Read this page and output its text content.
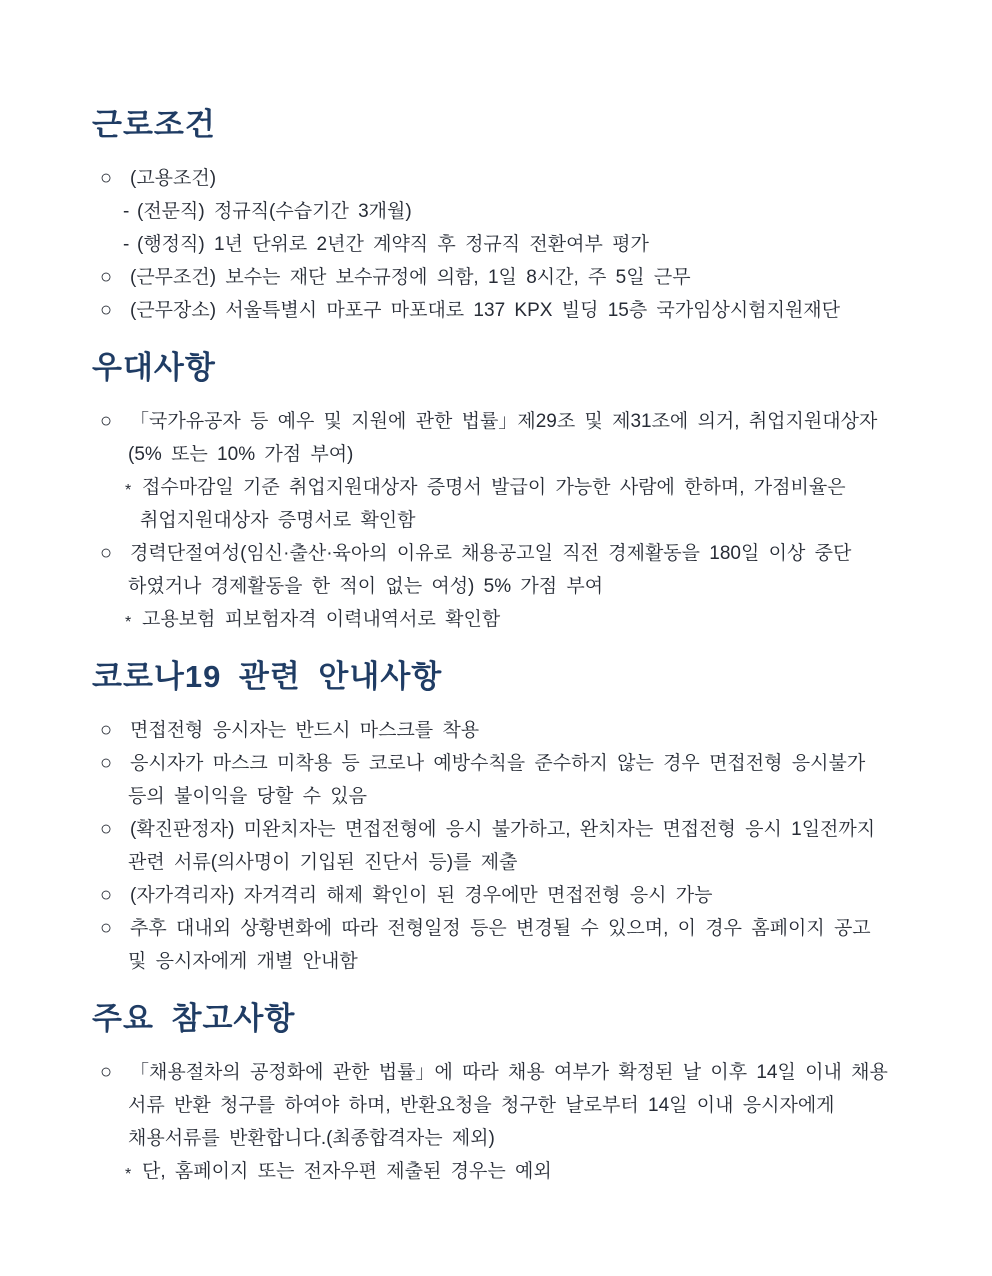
근로조건
○ (고용조건)
- (전문직) 정규직(수습기간 3개월)
- (행정직) 1년 단위로 2년간 계약직 후 정규직 전환여부 평가
○ (근무조건) 보수는 재단 보수규정에 의함, 1일 8시간, 주 5일 근무
○ (근무장소) 서울특별시 마포구 마포대로 137 KPX 빌딩 15층 국가임상시험지원재단
우대사항
○ 「국가유공자 등 예우 및 지원에 관한 법률」제29조 및 제31조에 의거, 취업지원대상자
(5% 또는 10% 가점 부여)
* 접수마감일 기준 취업지원대상자 증명서 발급이 가능한 사람에 한하며, 가점비율은
취업지원대상자 증명서로 확인함
○ 경력단절여성(임신·출산·육아의 이유로 채용공고일 직전 경제활동을 180일 이상 중단
하였거나 경제활동을 한 적이 없는 여성) 5% 가점 부여
* 고용보험 피보험자격 이력내역서로 확인함
코로나19 관련 안내사항
○ 면접전형 응시자는 반드시 마스크를 착용
○ 응시자가 마스크 미착용 등 코로나 예방수칙을 준수하지 않는 경우 면접전형 응시불가
등의 불이익을 당할 수 있음
○ (확진판정자) 미완치자는 면접전형에 응시 불가하고, 완치자는 면접전형 응시 1일전까지
관련 서류(의사명이 기입된 진단서 등)를 제출
○ (자가격리자) 자겨격리 해제 확인이 된 경우에만 면접전형 응시 가능
○ 추후 대내외 상황변화에 따라 전형일정 등은 변경될 수 있으며, 이 경우 홈페이지 공고
및 응시자에게 개별 안내함
주요 참고사항
○ 「채용절차의 공정화에 관한 법률」에 따라 채용 여부가 확정된 날 이후 14일 이내 채용
서류 반환 청구를 하여야 하며, 반환요청을 청구한 날로부터 14일 이내 응시자에게
채용서류를 반환합니다.(최종합격자는 제외)
* 단, 홈페이지 또는 전자우편 제출된 경우는 예외
